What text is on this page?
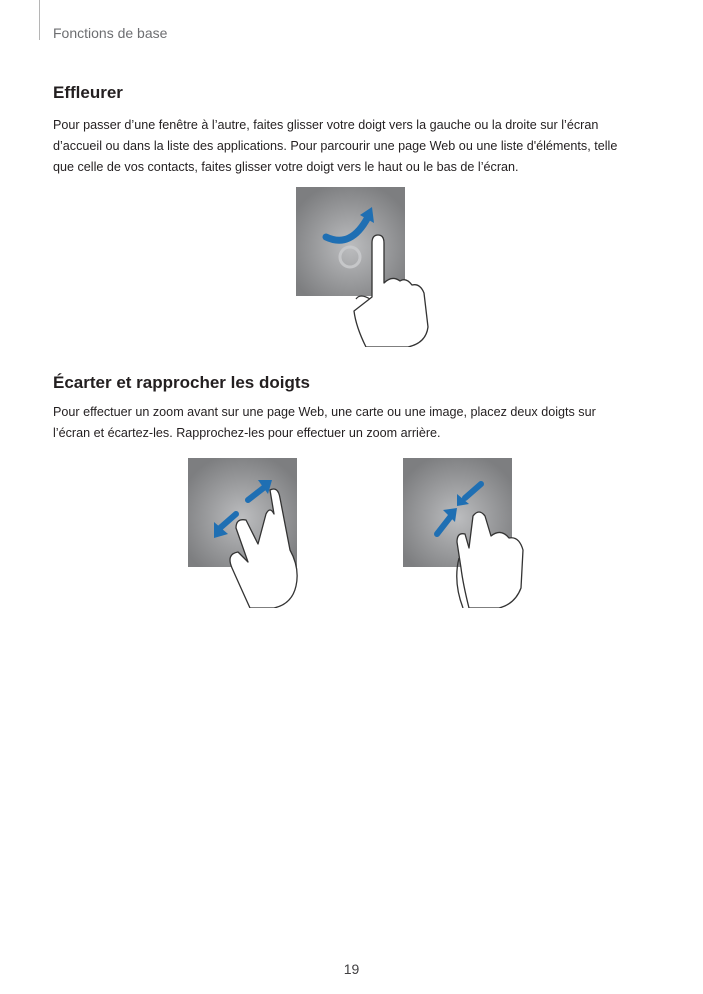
Fonctions de base
Effleurer
Pour passer d’une fenêtre à l’autre, faites glisser votre doigt vers la gauche ou la droite sur l’écran
d’accueil ou dans la liste des applications. Pour parcourir une page Web ou une liste d'éléments, telle
que celle de vos contacts, faites glisser votre doigt vers le haut ou le bas de l’écran.
Écarter et rapprocher les doigts
Pour effectuer un zoom avant sur une page Web, une carte ou une image, placez deux doigts sur
l’écran et écartez-les. Rapprochez-les pour effectuer un zoom arrière.
19
